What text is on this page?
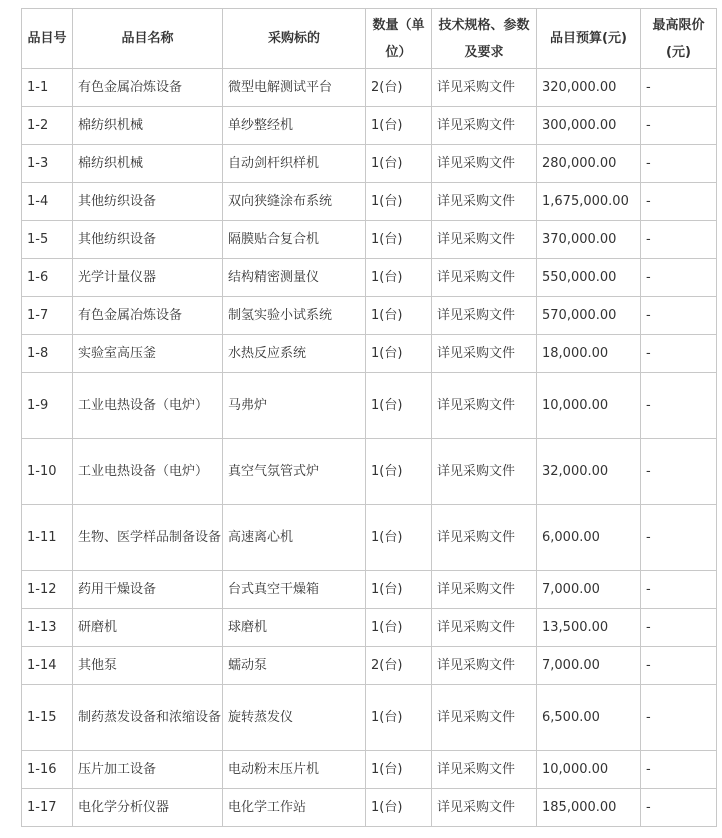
品目号	品目名称	采购标的	数量（单位）	技术规格、参数及要求	品目预算(元)	最高限价(元)
1-1	有色金属冶炼设备	微型电解测试平台	2(台)	详见采购文件	320,000.00	-
1-2	棉纺织机械	单纱整经机	1(台)	详见采购文件	300,000.00	-
1-3	棉纺织机械	自动剑杆织样机	1(台)	详见采购文件	280,000.00	-
1-4	其他纺织设备	双向狭缝涂布系统	1(台)	详见采购文件	1,675,000.00	-
1-5	其他纺织设备	隔膜贴合复合机	1(台)	详见采购文件	370,000.00	-
1-6	光学计量仪器	结构精密测量仪	1(台)	详见采购文件	550,000.00	-
1-7	有色金属冶炼设备	制氢实验小试系统	1(台)	详见采购文件	570,000.00	-
1-8	实验室高压釜	水热反应系统	1(台)	详见采购文件	18,000.00	-
1-9	工业电热设备（电炉）	马弗炉	1(台)	详见采购文件	10,000.00	-
1-10	工业电热设备（电炉）	真空气氛管式炉	1(台)	详见采购文件	32,000.00	-
1-11	生物、医学样品制备设备	高速离心机	1(台)	详见采购文件	6,000.00	-
1-12	药用干燥设备	台式真空干燥箱	1(台)	详见采购文件	7,000.00	-
1-13	研磨机	球磨机	1(台)	详见采购文件	13,500.00	-
1-14	其他泵	蠕动泵	2(台)	详见采购文件	7,000.00	-
1-15	制药蒸发设备和浓缩设备	旋转蒸发仪	1(台)	详见采购文件	6,500.00	-
1-16	压片加工设备	电动粉末压片机	1(台)	详见采购文件	10,000.00	-
1-17	电化学分析仪器	电化学工作站	1(台)	详见采购文件	185,000.00	-
